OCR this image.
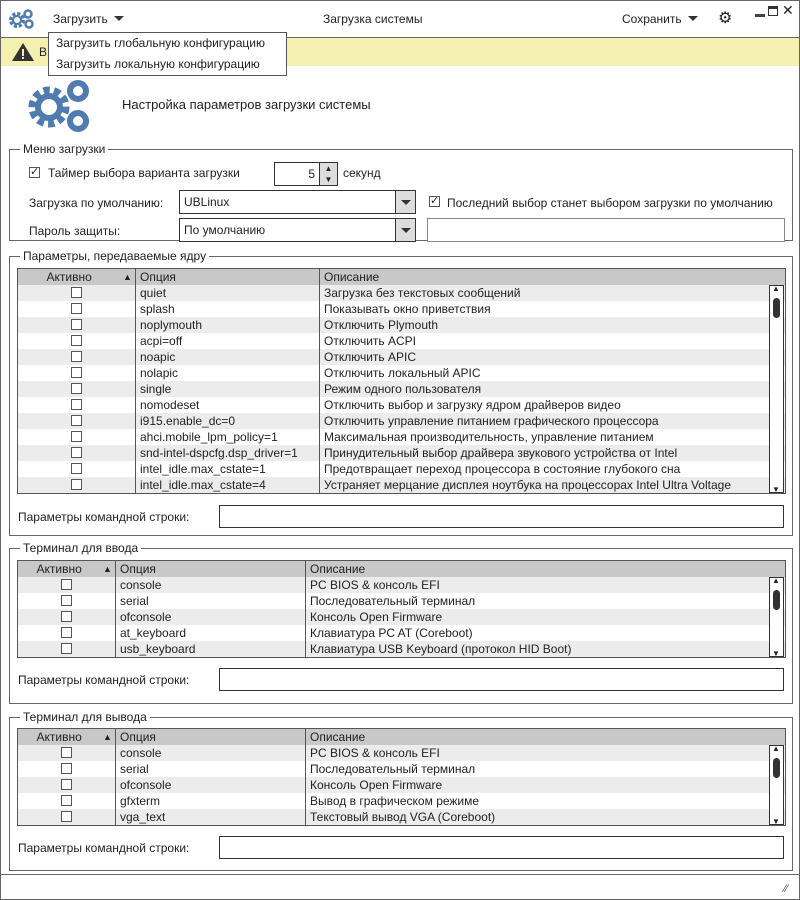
Загрузить	Загрузка системы	Сохранить	⚙	✕
В
Загрузить глобальную конфигурацию
Загрузить локальную конфигурацию
Настройка параметров загрузки системы
Меню загрузки
✓ Таймер выбора варианта загрузки	5	▲
▼ секунд
Загрузка по умолчанию:	UBLinux	✓ Последний выбор станет выбором загрузки по умолчанию
Пароль защиты:	По умолчанию
Параметры, передаваемые ядру
Активно	▲ Опция	Описание
quiet	Загрузка без текстовых сообщений
splash	Показывать окно приветствия
noplymouth	Отключить Plymouth
acpi=off	Отключить ACPI
noapic	Отключить APIC
nolapic	Отключить локальный APIC
single	Режим одного пользователя
nomodeset	Отключить выбор и загрузку ядром драйверов видео
i915.enable_dc=0	Отключить управление питанием графического процессора
ahci.mobile_lpm_policy=1	Максимальная производительность, управление питанием
snd-intel-dspcfg.dsp_driver=1	Принудительный выбор драйвера звукового устройства от Intel
intel_idle.max_cstate=1	Предотвращает переход процессора в состояние глубокого сна
intel_idle.max_cstate=4	Устраняет мерцание дисплея ноутбука на процессорах Intel Ultra Voltage
▲
▼
Параметры командной строки:
Терминал для ввода
Активно	▲ Опция	Описание
console	PC BIOS & консоль EFI
serial	Последовательный терминал
ofconsole	Консоль Open Firmware
at_keyboard	Клавиатура PC AT (Coreboot)
usb_keyboard	Клавиатура USB Keyboard (протокол HID Boot)
▲
▼
Параметры командной строки:
Терминал для вывода
Активно	▲ Опция	Описание
console	PC BIOS & консоль EFI
serial	Последовательный терминал
ofconsole	Консоль Open Firmware
gfxterm	Вывод в графическом режиме
vga_text	Текстовый вывод VGA (Coreboot)
▲
▼
Параметры командной строки:
⁄⁄
